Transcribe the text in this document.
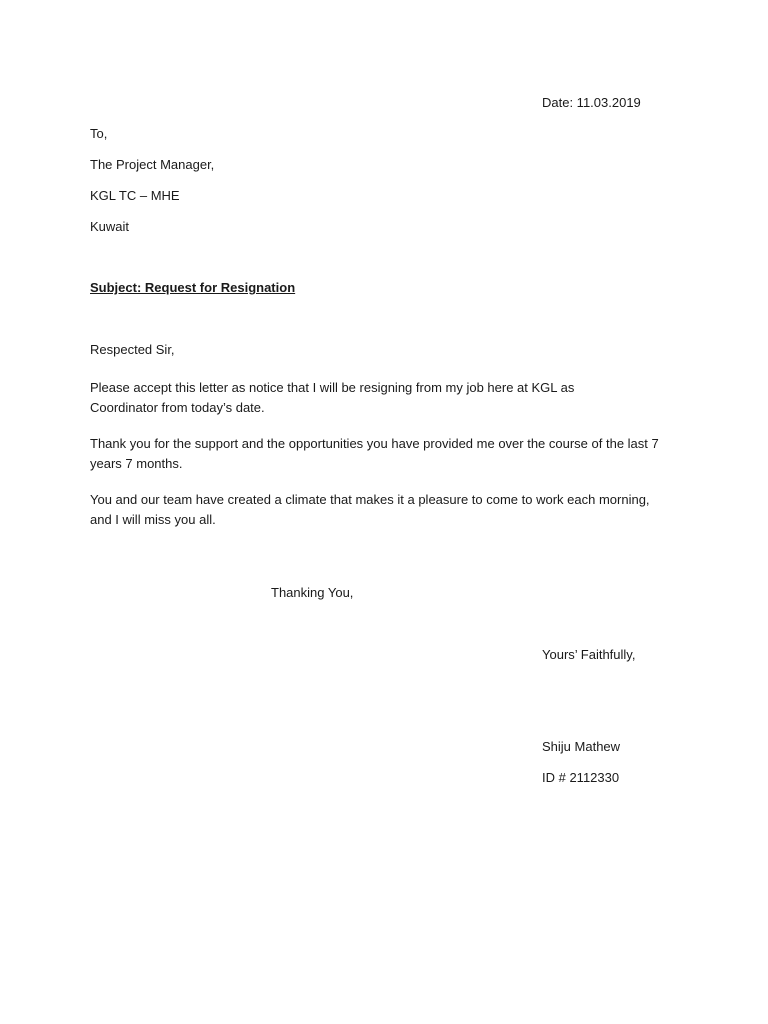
Date: 11.03.2019
To,
The Project Manager,
KGL TC – MHE
Kuwait
Subject: Request for Resignation
Respected Sir,
Please accept this letter as notice that I will be resigning from my job here at KGL as Coordinator from today’s date.
Thank you for the support and the opportunities you have provided me over the course of the last 7 years 7 months.
You and our team have created a climate that makes it a pleasure to come to work each morning, and I will miss you all.
Thanking You,
Yours’ Faithfully,
Shiju Mathew
ID # 2112330
